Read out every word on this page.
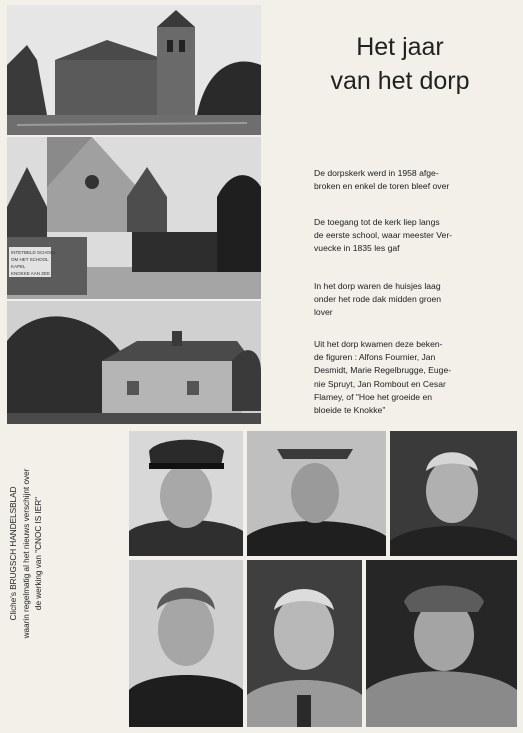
Het jaar
van het dorp
De dorpskerk werd in 1958 afge-
broken en enkel de toren bleef over
De toegang tot de kerk liep langs
de eerste school, waar meester Ver-
vuecke in 1835 les gaf
In het dorp waren de huisjes laag
onder het rode dak midden groen
lover
Uit het dorp kwamen deze beken-
de figuren : Alfons Fournier, Jan
Desmidt, Marie Regelbrugge, Euge-
nie Spruyt, Jan Rombout en Cesar
Flamey, of "Hoe het groeide en
bloeide te Knokke"
Cliche's BRUGSCH HANDELSBLAD waarin regelmatig al het nieuws verschijnt over de werking van "CNOC IS IER"
INTETBELD SCHOOL
OM HET SCHOOL
KAPEL
KNOKKE AAN ZEE
